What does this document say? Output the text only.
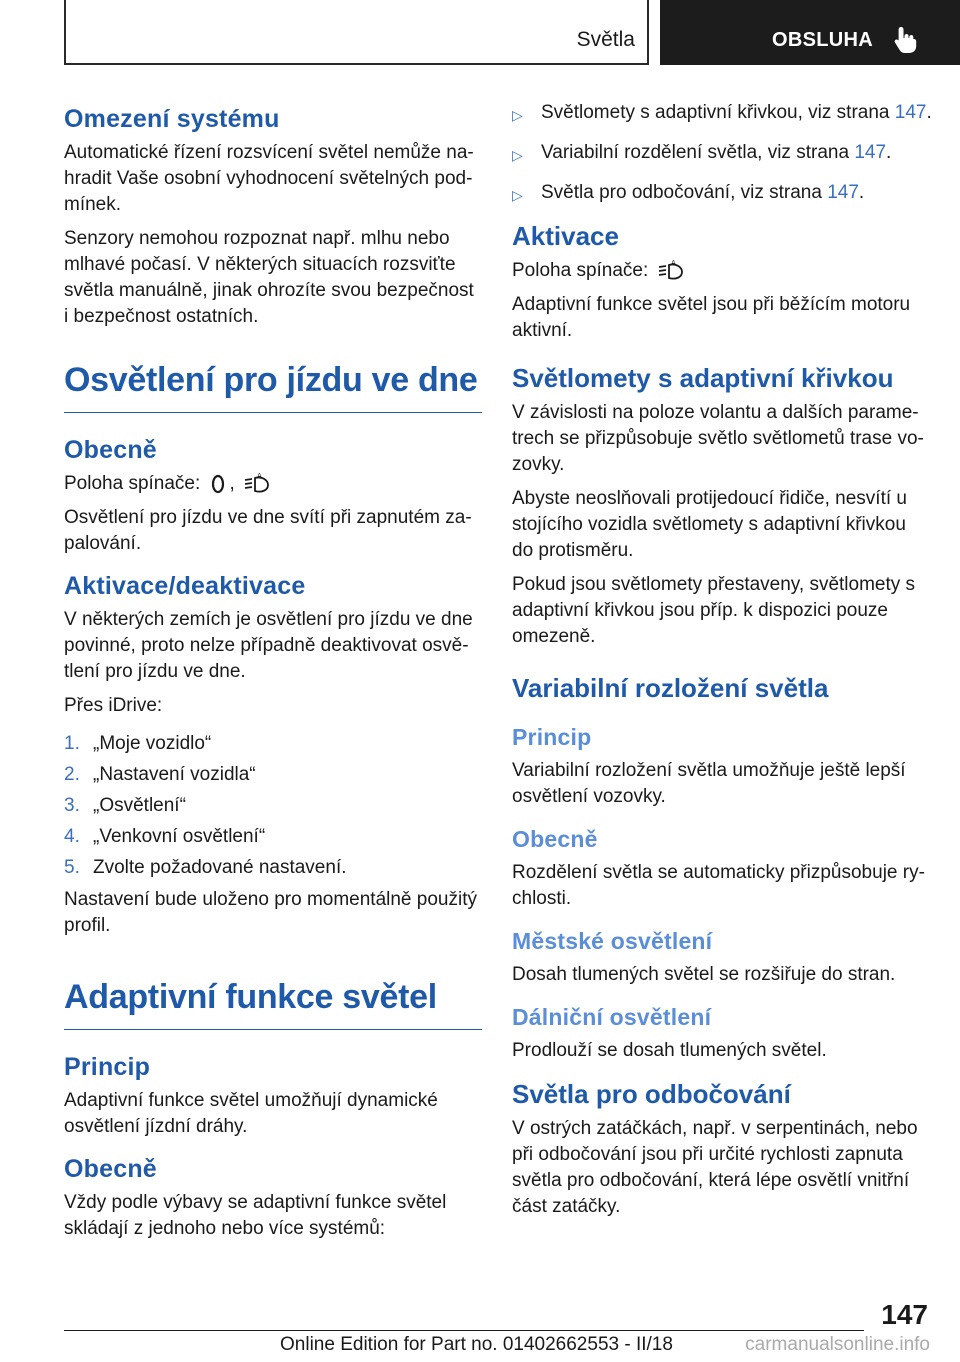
Světla	OBSLUHA
Omezení systému

Automatické řízení rozsvícení světel nemůže nahradit Vaše osobní vyhodnocení světelných podmínek.

Senzory nemohou rozpoznat např. mlhu nebo mlhavé počasí. V některých situacích rozsviťte světla manuálně, jinak ohrozíte svou bezpečnost i bezpečnost ostatních.

Osvětlení pro jízdu ve dne
Obecně

Poloha spínače: ,	A

Osvětlení pro jízdu ve dne svítí při zapnutém zapalování.

Aktivace/deaktivace

V některých zemích je osvětlení pro jízdu ve dne povinné, proto nelze případně deaktivovat osvětlení pro jízdu ve dne.

Přes iDrive:

1. „Moje vozidlo“
2. „Nastavení vozidla“
3. „Osvětlení“
4. „Venkovní osvětlení“
5. Zvolte požadované nastavení.

Nastavení bude uloženo pro momentálně použitý profil.

Adaptivní funkce světel
Princip

Adaptivní funkce světel umožňují dynamické osvětlení jízdní dráhy.

Obecně

Vždy podle výbavy se adaptivní funkce světel skládají z jednoho nebo více systémů:

▷ Světlomety s adaptivní křivkou, viz strana 147.
▷ Variabilní rozdělení světla, viz strana 147.
▷ Světla pro odbočování, viz strana 147.
Aktivace

Poloha spínače:	A

Adaptivní funkce světel jsou při běžícím motoru aktivní.

Světlomety s adaptivní křivkou

V závislosti na poloze volantu a dalších parametrech se přizpůsobuje světlo světlometů trase vozovky.

Abyste neoslňovali protijedoucí řidiče, nesvítí u stojícího vozidla světlomety s adaptivní křivkou do protisměru.

Pokud jsou světlomety přestaveny, světlomety s adaptivní křivkou jsou příp. k dispozici pouze omezeně.

Variabilní rozložení světla
Princip

Variabilní rozložení světla umožňuje ještě lepší osvětlení vozovky.

Obecně

Rozdělení světla se automaticky přizpůsobuje rychlosti.

Městské osvětlení

Dosah tlumených světel se rozšiřuje do stran.

Dálniční osvětlení

Prodlouží se dosah tlumených světel.

Světla pro odbočování

V ostrých zatáčkách, např. v serpentinách, nebo při odbočování jsou při určité rychlosti zapnuta světla pro odbočování, která lépe osvětlí vnitřní část zatáčky.

147
Online Edition for Part no. 01402662553 - II/18	carmanualsonline.info
